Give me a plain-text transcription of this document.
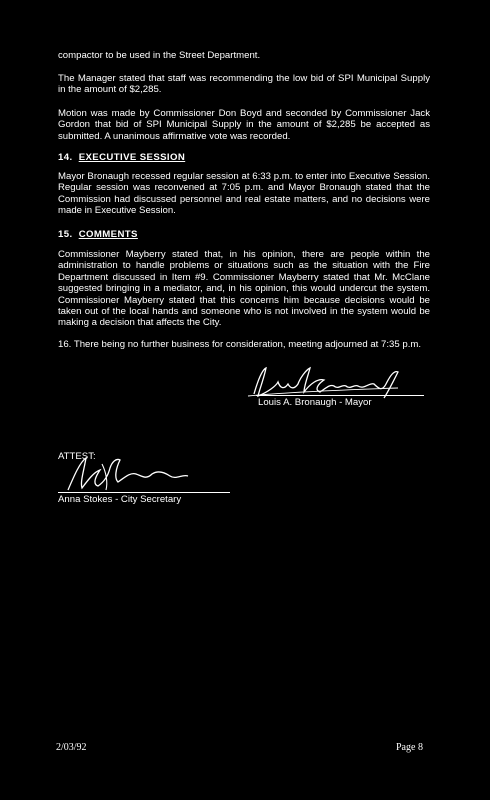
compactor to be used in the Street Department.

The Manager stated that staff was recommending the low bid of SPI Municipal Supply in the amount of $2,285.

Motion was made by Commissioner Don Boyd and seconded by Commissioner Jack Gordon that bid of SPI Municipal Supply in the amount of $2,285 be accepted as submitted. A unanimous affirmative vote was recorded.

14. EXECUTIVE SESSION

Mayor Bronaugh recessed regular session at 6:33 p.m. to enter into Executive Session. Regular session was reconvened at 7:05 p.m. and Mayor Bronaugh stated that the Commission had discussed personnel and real estate matters, and no decisions were made in Executive Session.

15. COMMENTS

Commissioner Mayberry stated that, in his opinion, there are people within the administration to handle problems or situations such as the situation with the Fire Department discussed in Item #9. Commissioner Mayberry stated that Mr. McClane suggested bringing in a mediator, and, in his opinion, this would undercut the system. Commissioner Mayberry stated that this concerns him because decisions would be taken out of the local hands and someone who is not involved in the system would be making a decision that affects the City.

16. There being no further business for consideration, meeting adjourned at 7:35 p.m.

Louis A. Bronaugh - Mayor

ATTEST:

Anna Stokes - City Secretary

2/03/92	Page 8
